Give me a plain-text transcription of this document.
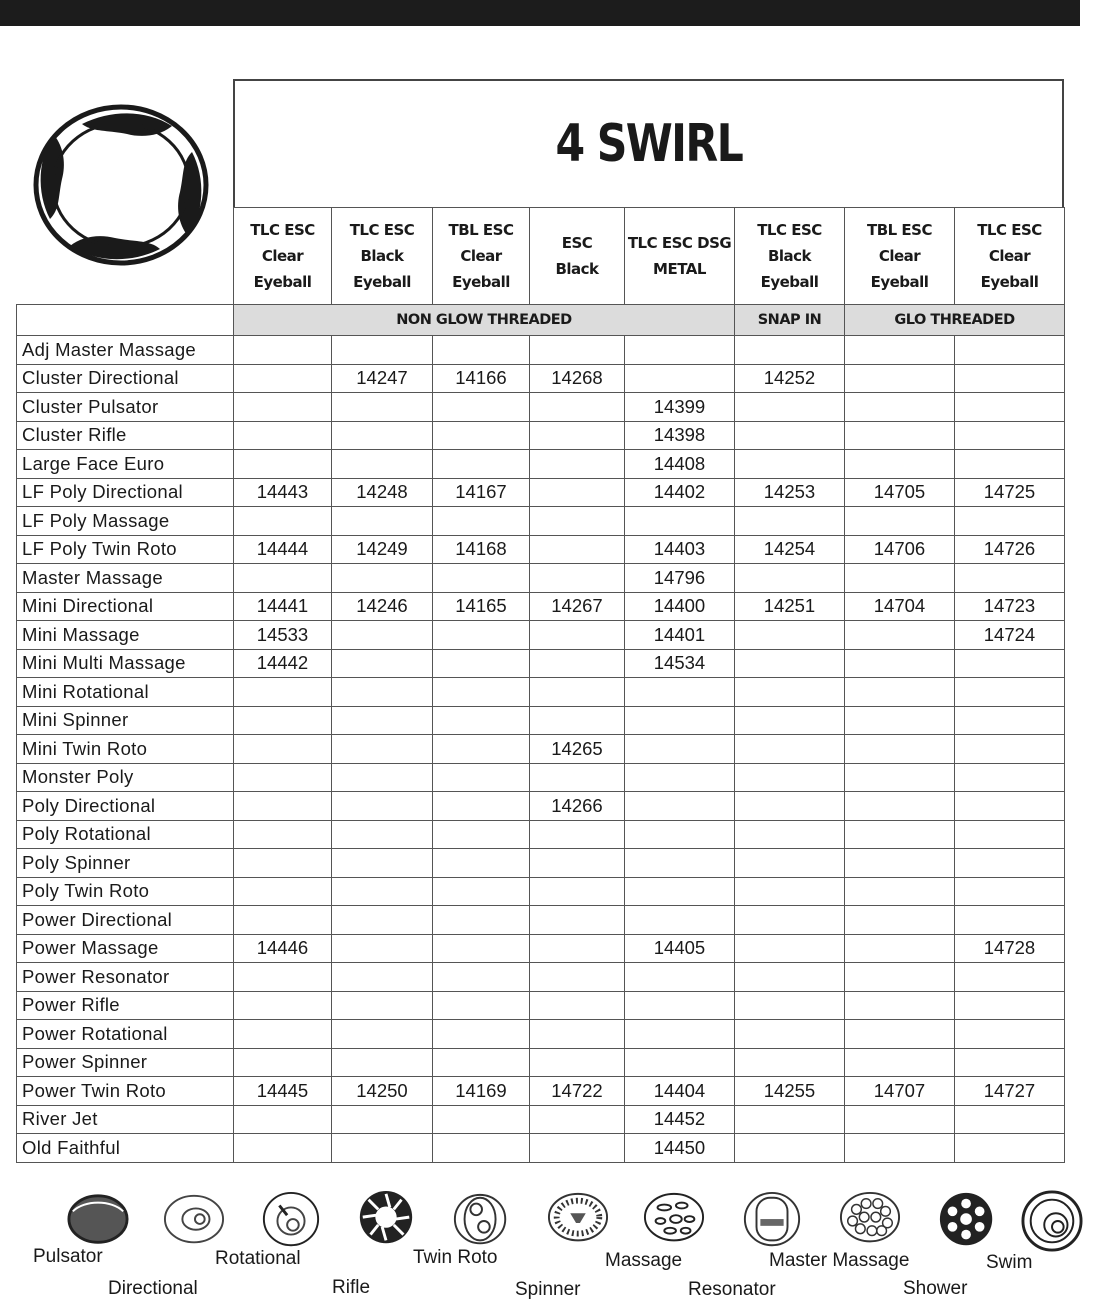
4 SWIRL
	TLC ESC
Clear
Eyeball	TLC ESC
Black
Eyeball	TBL ESC
Clear
Eyeball	ESC
Black	TLC ESC DSG
METAL	TLC ESC
Black
Eyeball	TBL ESC
Clear
Eyeball	TLC ESC
Clear
Eyeball
	NON GLOW THREADED					SNAP IN	GLO THREADED	
Adj Master Massage								
Cluster Directional		14247	14166	14268		14252		
Cluster Pulsator					14399			
Cluster Rifle					14398			
Large Face Euro					14408			
LF Poly Directional	14443	14248	14167		14402	14253	14705	14725
LF Poly Massage								
LF Poly Twin Roto	14444	14249	14168		14403	14254	14706	14726
Master Massage					14796			
Mini Directional	14441	14246	14165	14267	14400	14251	14704	14723
Mini Massage	14533				14401			14724
Mini Multi Massage	14442				14534			
Mini Rotational								
Mini Spinner								
Mini Twin Roto				14265				
Monster Poly								
Poly Directional				14266				
Poly Rotational								
Poly Spinner								
Poly Twin Roto								
Power Directional								
Power Massage	14446				14405			14728
Power Resonator								
Power Rifle								
Power Rotational								
Power Spinner								
Power Twin Roto	14445	14250	14169	14722	14404	14255	14707	14727
River Jet					14452			
Old Faithful					14450			
Pulsator
Directional
Rotational
Rifle
Twin Roto
Spinner
Massage
Resonator
Master Massage
Shower
Swim
